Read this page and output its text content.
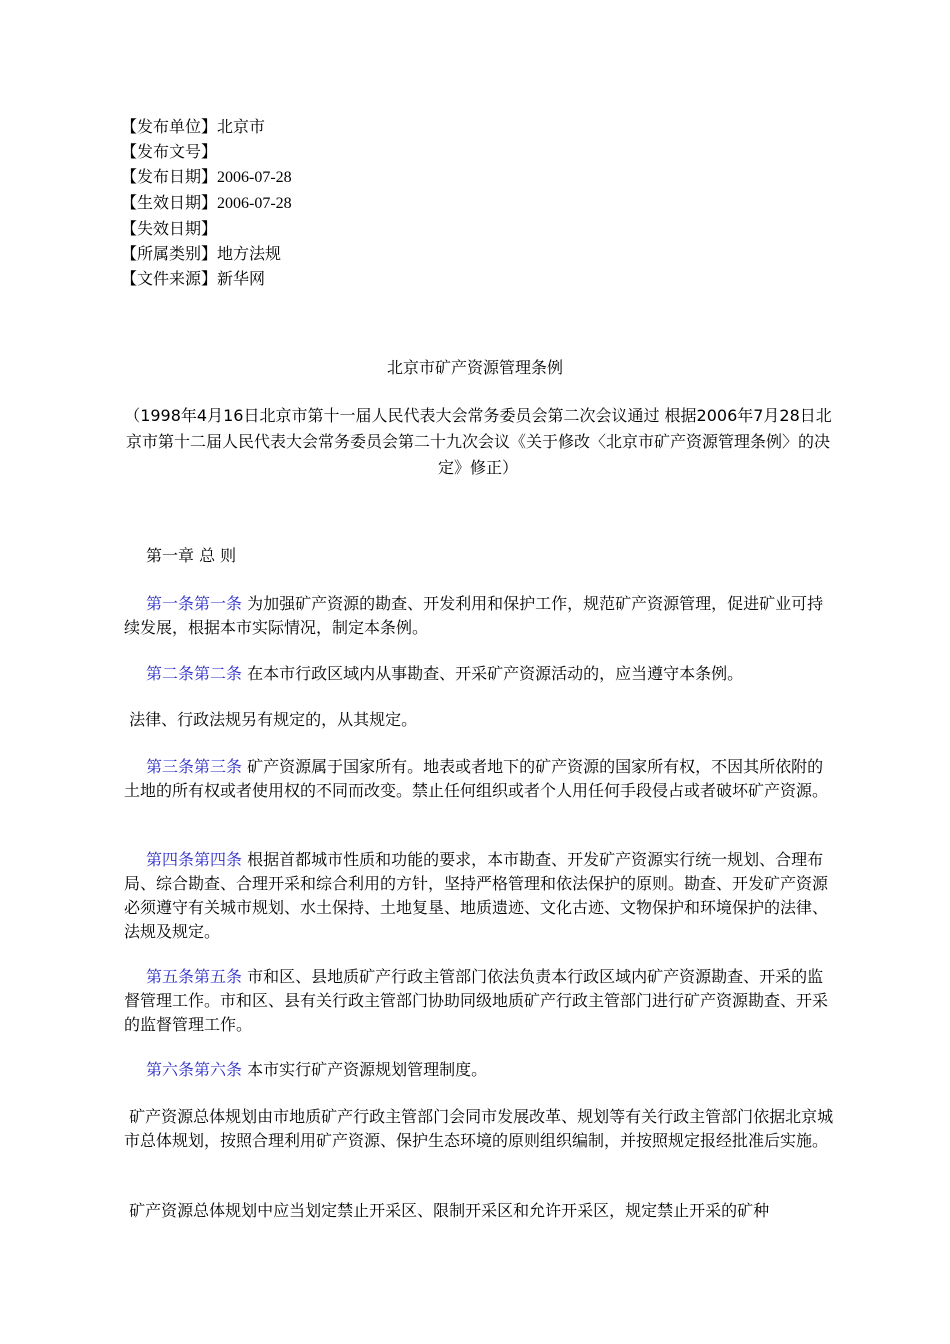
【发布单位】北京市
【发布文号】
【发布日期】2006-07-28
【生效日期】2006-07-28
【失效日期】
【所属类别】地方法规
【文件来源】新华网
北京市矿产资源管理条例
（1998年4月16日北京市第十一届人民代表大会常务委员会第二次会议通过 根据2006年7月28日北京市第十二届人民代表大会常务委员会第二十九次会议《关于修改〈北京市矿产资源管理条例〉的决定》修正）
第一章 总 则
第一条第一条 为加强矿产资源的勘查、开发利用和保护工作，规范矿产资源管理，促进矿业可持续发展，根据本市实际情况，制定本条例。
第二条第二条 在本市行政区域内从事勘查、开采矿产资源活动的，应当遵守本条例。
法律、行政法规另有规定的，从其规定。
第三条第三条 矿产资源属于国家所有。地表或者地下的矿产资源的国家所有权，不因其所依附的土地的所有权或者使用权的不同而改变。禁止任何组织或者个人用任何手段侵占或者破坏矿产资源。
第四条第四条 根据首都城市性质和功能的要求，本市勘查、开发矿产资源实行统一规划、合理布局、综合勘查、合理开采和综合利用的方针，坚持严格管理和依法保护的原则。勘查、开发矿产资源必须遵守有关城市规划、水土保持、土地复垦、地质遗迹、文化古迹、文物保护和环境保护的法律、法规及规定。
第五条第五条 市和区、县地质矿产行政主管部门依法负责本行政区域内矿产资源勘查、开采的监督管理工作。市和区、县有关行政主管部门协助同级地质矿产行政主管部门进行矿产资源勘查、开采的监督管理工作。
第六条第六条 本市实行矿产资源规划管理制度。
矿产资源总体规划由市地质矿产行政主管部门会同市发展改革、规划等有关行政主管部门依据北京城市总体规划，按照合理利用矿产资源、保护生态环境的原则组织编制，并按照规定报经批准后实施。
矿产资源总体规划中应当划定禁止开采区、限制开采区和允许开采区，规定禁止开采的矿种
